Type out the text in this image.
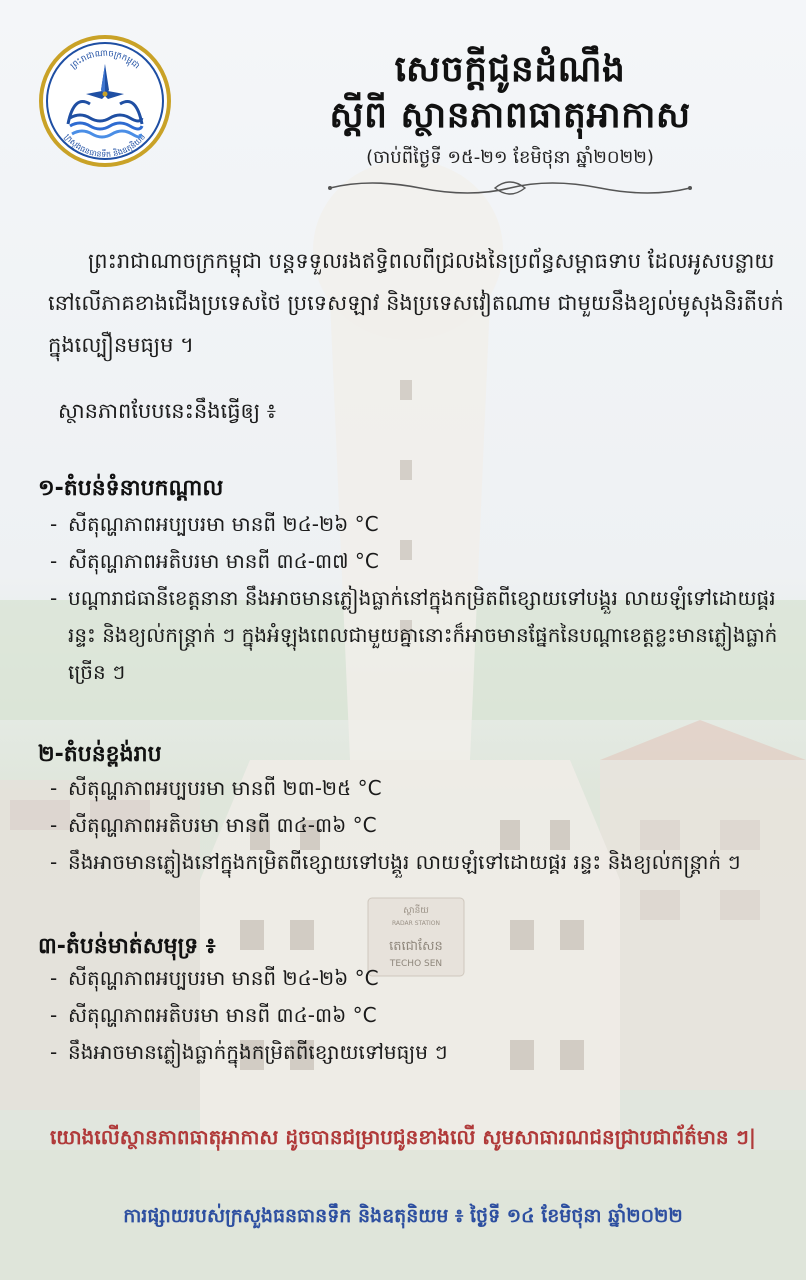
ស្ថានីយ
RADAR STATION
តេជោសែន
TECHO SEN
ព្រះរាជាណាចក្រកម្ពុជា
ក្រសួងធនធានទឹក និងឧតុនិយម
សេចក្តីជូនដំណឹង
ស្តីពី ស្ថានភាពធាតុអាកាស
(ចាប់ពីថ្ងៃទី ១៥-២១ ខែមិថុនា ឆ្នាំ២០២២)
ព្រះរាជាណាចក្រកម្ពុជា បន្តទទួលរងឥទ្ធិពលពីជ្រលងនៃប្រព័ន្ធសម្ពាធទាប ដែលអូសបន្លាយនៅលើភាគខាងជើងប្រទេសថៃ ប្រទេសឡាវ និងប្រទេសវៀតណាម ជាមួយនឹងខ្យល់មូសុងនិរតីបក់ក្នុងល្បឿនមធ្យម ។
ស្ថានភាពបែបនេះនឹងធ្វើឲ្យ ៖
១-តំបន់ទំនាបកណ្តាល
- សីតុណ្ហភាពអប្បបរមា មានពី ២៤-២៦ °C
- សីតុណ្ហភាពអតិបរមា មានពី ៣៤-៣៧ °C
- បណ្តារាជធានីខេត្តនានា នឹងអាចមានភ្លៀងធ្លាក់នៅក្នុងកម្រិតពីខ្សោយទៅបង្គួរ លាយឡំទៅដោយផ្គរ រន្ទះ និងខ្យល់កន្ត្រាក់ ៗ ក្នុងអំឡុងពេលជាមួយគ្នានោះក៏អាចមានផ្នែកនៃបណ្តាខេត្តខ្លះមានភ្លៀងធ្លាក់ច្រើន ៗ
២-តំបន់ខ្ពង់រាប
- សីតុណ្ហភាពអប្បបរមា មានពី ២៣-២៥ °C
- សីតុណ្ហភាពអតិបរមា មានពី ៣៤-៣៦ °C
- នឹងអាចមានភ្លៀងនៅក្នុងកម្រិតពីខ្សោយទៅបង្គួរ លាយឡំទៅដោយផ្គរ រន្ទះ និងខ្យល់កន្ត្រាក់ ៗ
៣-តំបន់មាត់សមុទ្រ ៖
- សីតុណ្ហភាពអប្បបរមា មានពី ២៤-២៦ °C
- សីតុណ្ហភាពអតិបរមា មានពី ៣៤-៣៦ °C
- នឹងអាចមានភ្លៀងធ្លាក់ក្នុងកម្រិតពីខ្សោយទៅមធ្យម ៗ
យោងលើស្ថានភាពធាតុអាកាស ដូចបានជម្រាបជូនខាងលើ សូមសាធារណជនជ្រាបជាព័ត៌មាន ៗ|
ការផ្សាយរបស់ក្រសួងធនធានទឹក និងឧតុនិយម ៖ ថ្ងៃទី ១៤ ខែមិថុនា ឆ្នាំ២០២២
